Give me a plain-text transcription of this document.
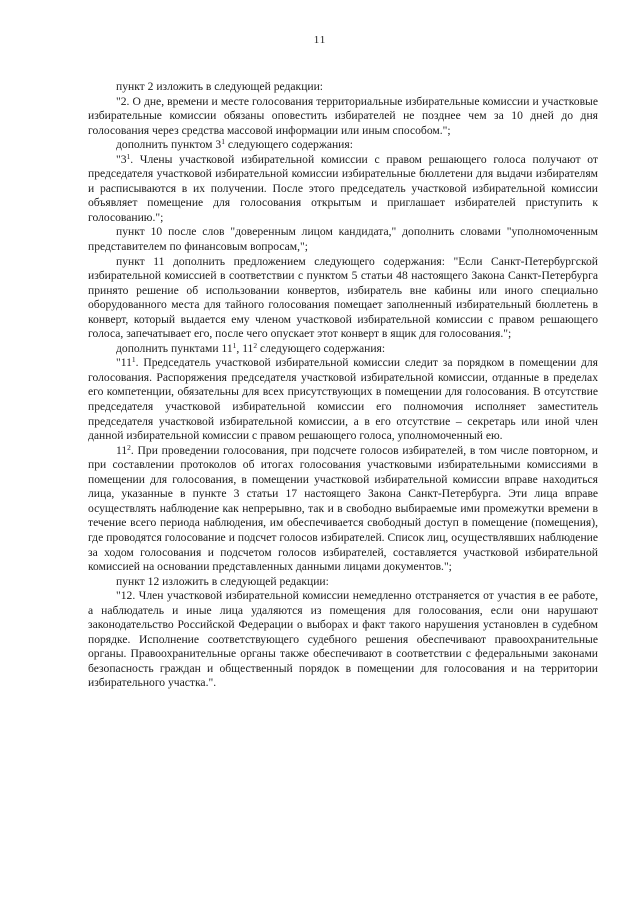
11

пункт 2 изложить в следующей редакции:

"2. О дне, времени и месте голосования территориальные избирательные комиссии и участковые избирательные комиссии обязаны оповестить избирателей не позднее чем за 10 дней до дня голосования через средства массовой информации или иным способом.";

дополнить пунктом $3^1$ следующего содержания:

"$3^1$. Члены участковой избирательной комиссии с правом решающего голоса получают от председателя участковой избирательной комиссии избирательные бюллетени для выдачи избирателям и расписываются в их получении. После этого председатель участковой избирательной комиссии объявляет помещение для голосования открытым и приглашает избирателей приступить к голосованию.";

пункт 10 после слов "доверенным лицом кандидата," дополнить словами "уполномоченным представителем по финансовым вопросам,";

пункт 11 дополнить предложением следующего содержания: "Если Санкт-Петербургской избирательной комиссией в соответствии с пунктом 5 статьи 48 настоящего Закона Санкт-Петербурга принято решение об использовании конвертов, избиратель вне кабины или иного специально оборудованного места для тайного голосования помещает заполненный избирательный бюллетень в конверт, который выдается ему членом участковой избирательной комиссии с правом решающего голоса, запечатывает его, после чего опускает этот конверт в ящик для голосования.";

дополнить пунктами $11^1$, $11^2$ следующего содержания:

"$11^1$. Председатель участковой избирательной комиссии следит за порядком в помещении для голосования. Распоряжения председателя участковой избирательной комиссии, отданные в пределах его компетенции, обязательны для всех присутствующих в помещении для голосования. В отсутствие председателя участковой избирательной комиссии его полномочия исполняет заместитель председателя участковой избирательной комиссии, а в его отсутствие – секретарь или иной член данной избирательной комиссии с правом решающего голоса, уполномоченный ею.

$11^2$. При проведении голосования, при подсчете голосов избирателей, в том числе повторном, и при составлении протоколов об итогах голосования участковыми избирательными комиссиями в помещении для голосования, в помещении участковой избирательной комиссии вправе находиться лица, указанные в пункте 3 статьи 17 настоящего Закона Санкт-Петербурга. Эти лица вправе осуществлять наблюдение как непрерывно, так и в свободно выбираемые ими промежутки времени в течение всего периода наблюдения, им обеспечивается свободный доступ в помещение (помещения), где проводятся голосование и подсчет голосов избирателей. Список лиц, осуществлявших наблюдение за ходом голосования и подсчетом голосов избирателей, составляется участковой избирательной комиссией на основании представленных данными лицами документов.";

пункт 12 изложить в следующей редакции:

"12. Член участковой избирательной комиссии немедленно отстраняется от участия в ее работе, а наблюдатель и иные лица удаляются из помещения для голосования, если они нарушают законодательство Российской Федерации о выборах и факт такого нарушения установлен в судебном порядке. Исполнение соответствующего судебного решения обеспечивают правоохранительные органы. Правоохранительные органы также обеспечивают в соответствии с федеральными законами безопасность граждан и общественный порядок в помещении для голосования и на территории избирательного участка.".
